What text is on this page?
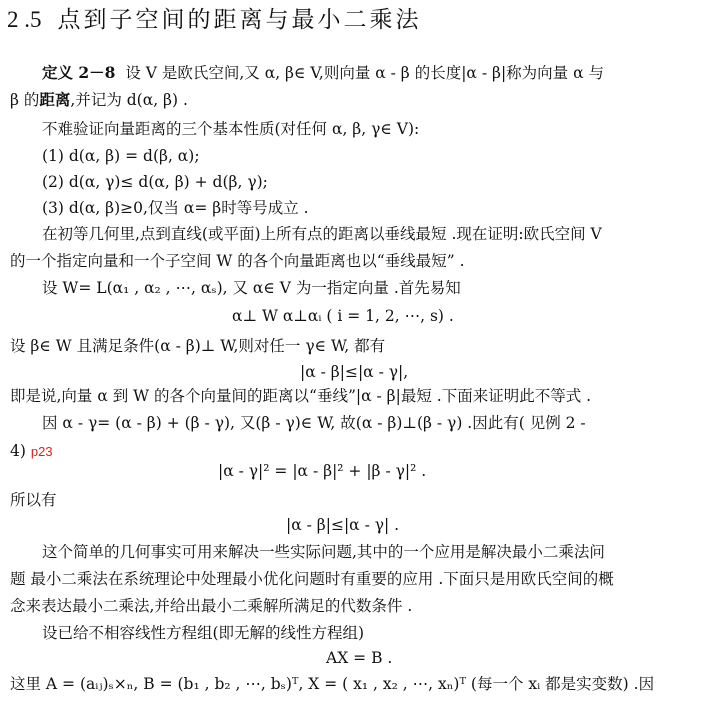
2 .5 点到子空间的距离与最小二乘法
定义 2－8 设 V 是欧氏空间,又 α, β∈ V,则向量 α - β 的长度|α - β|称为向量 α 与
β 的距离,并记为 d(α, β) .
不难验证向量距离的三个基本性质(对任何 α, β, γ∈ V):
(1) d(α, β) = d(β, α);
(2) d(α, γ)≤ d(α, β) + d(β, γ);
(3) d(α, β)≥0,仅当 α= β时等号成立 .
在初等几何里,点到直线(或平面)上所有点的距离以垂线最短 .现在证明:欧氏空间 V
的一个指定向量和一个子空间 W 的各个向量距离也以“垂线最短” .
设 W= L(α₁ , α₂ , ⋯, αₛ), 又 α∈ V 为一指定向量 .首先易知
α⊥ W α⊥αᵢ ( i = 1, 2, ⋯, s) .
设 β∈ W 且满足条件(α - β)⊥ W,则对任一 γ∈ W, 都有
|α - β|≤|α - γ|,
即是说,向量 α 到 W 的各个向量间的距离以“垂线”|α - β|最短 .下面来证明此不等式 .
因 α - γ= (α - β) + (β - γ), 又(β - γ)∈ W, 故(α - β)⊥(β - γ) .因此有( 见例 2 -
4) p23
|α - γ|² = |α - β|² + |β - γ|² .
所以有
|α - β|≤|α - γ| .
这个简单的几何事实可用来解决一些实际问题,其中的一个应用是解决最小二乘法问
题 最小二乘法在系统理论中处理最小优化问题时有重要的应用 .下面只是用欧氏空间的概
念来表达最小二乘法,并给出最小二乘解所满足的代数条件 .
设已给不相容线性方程组(即无解的线性方程组)
AX = B .
这里 A = (aᵢⱼ)ₛ×ₙ, B = (b₁ , b₂ , ⋯, bₛ)ᵀ, X = ( x₁ , x₂ , ⋯, xₙ)ᵀ (每一个 xᵢ 都是实变数) .因
